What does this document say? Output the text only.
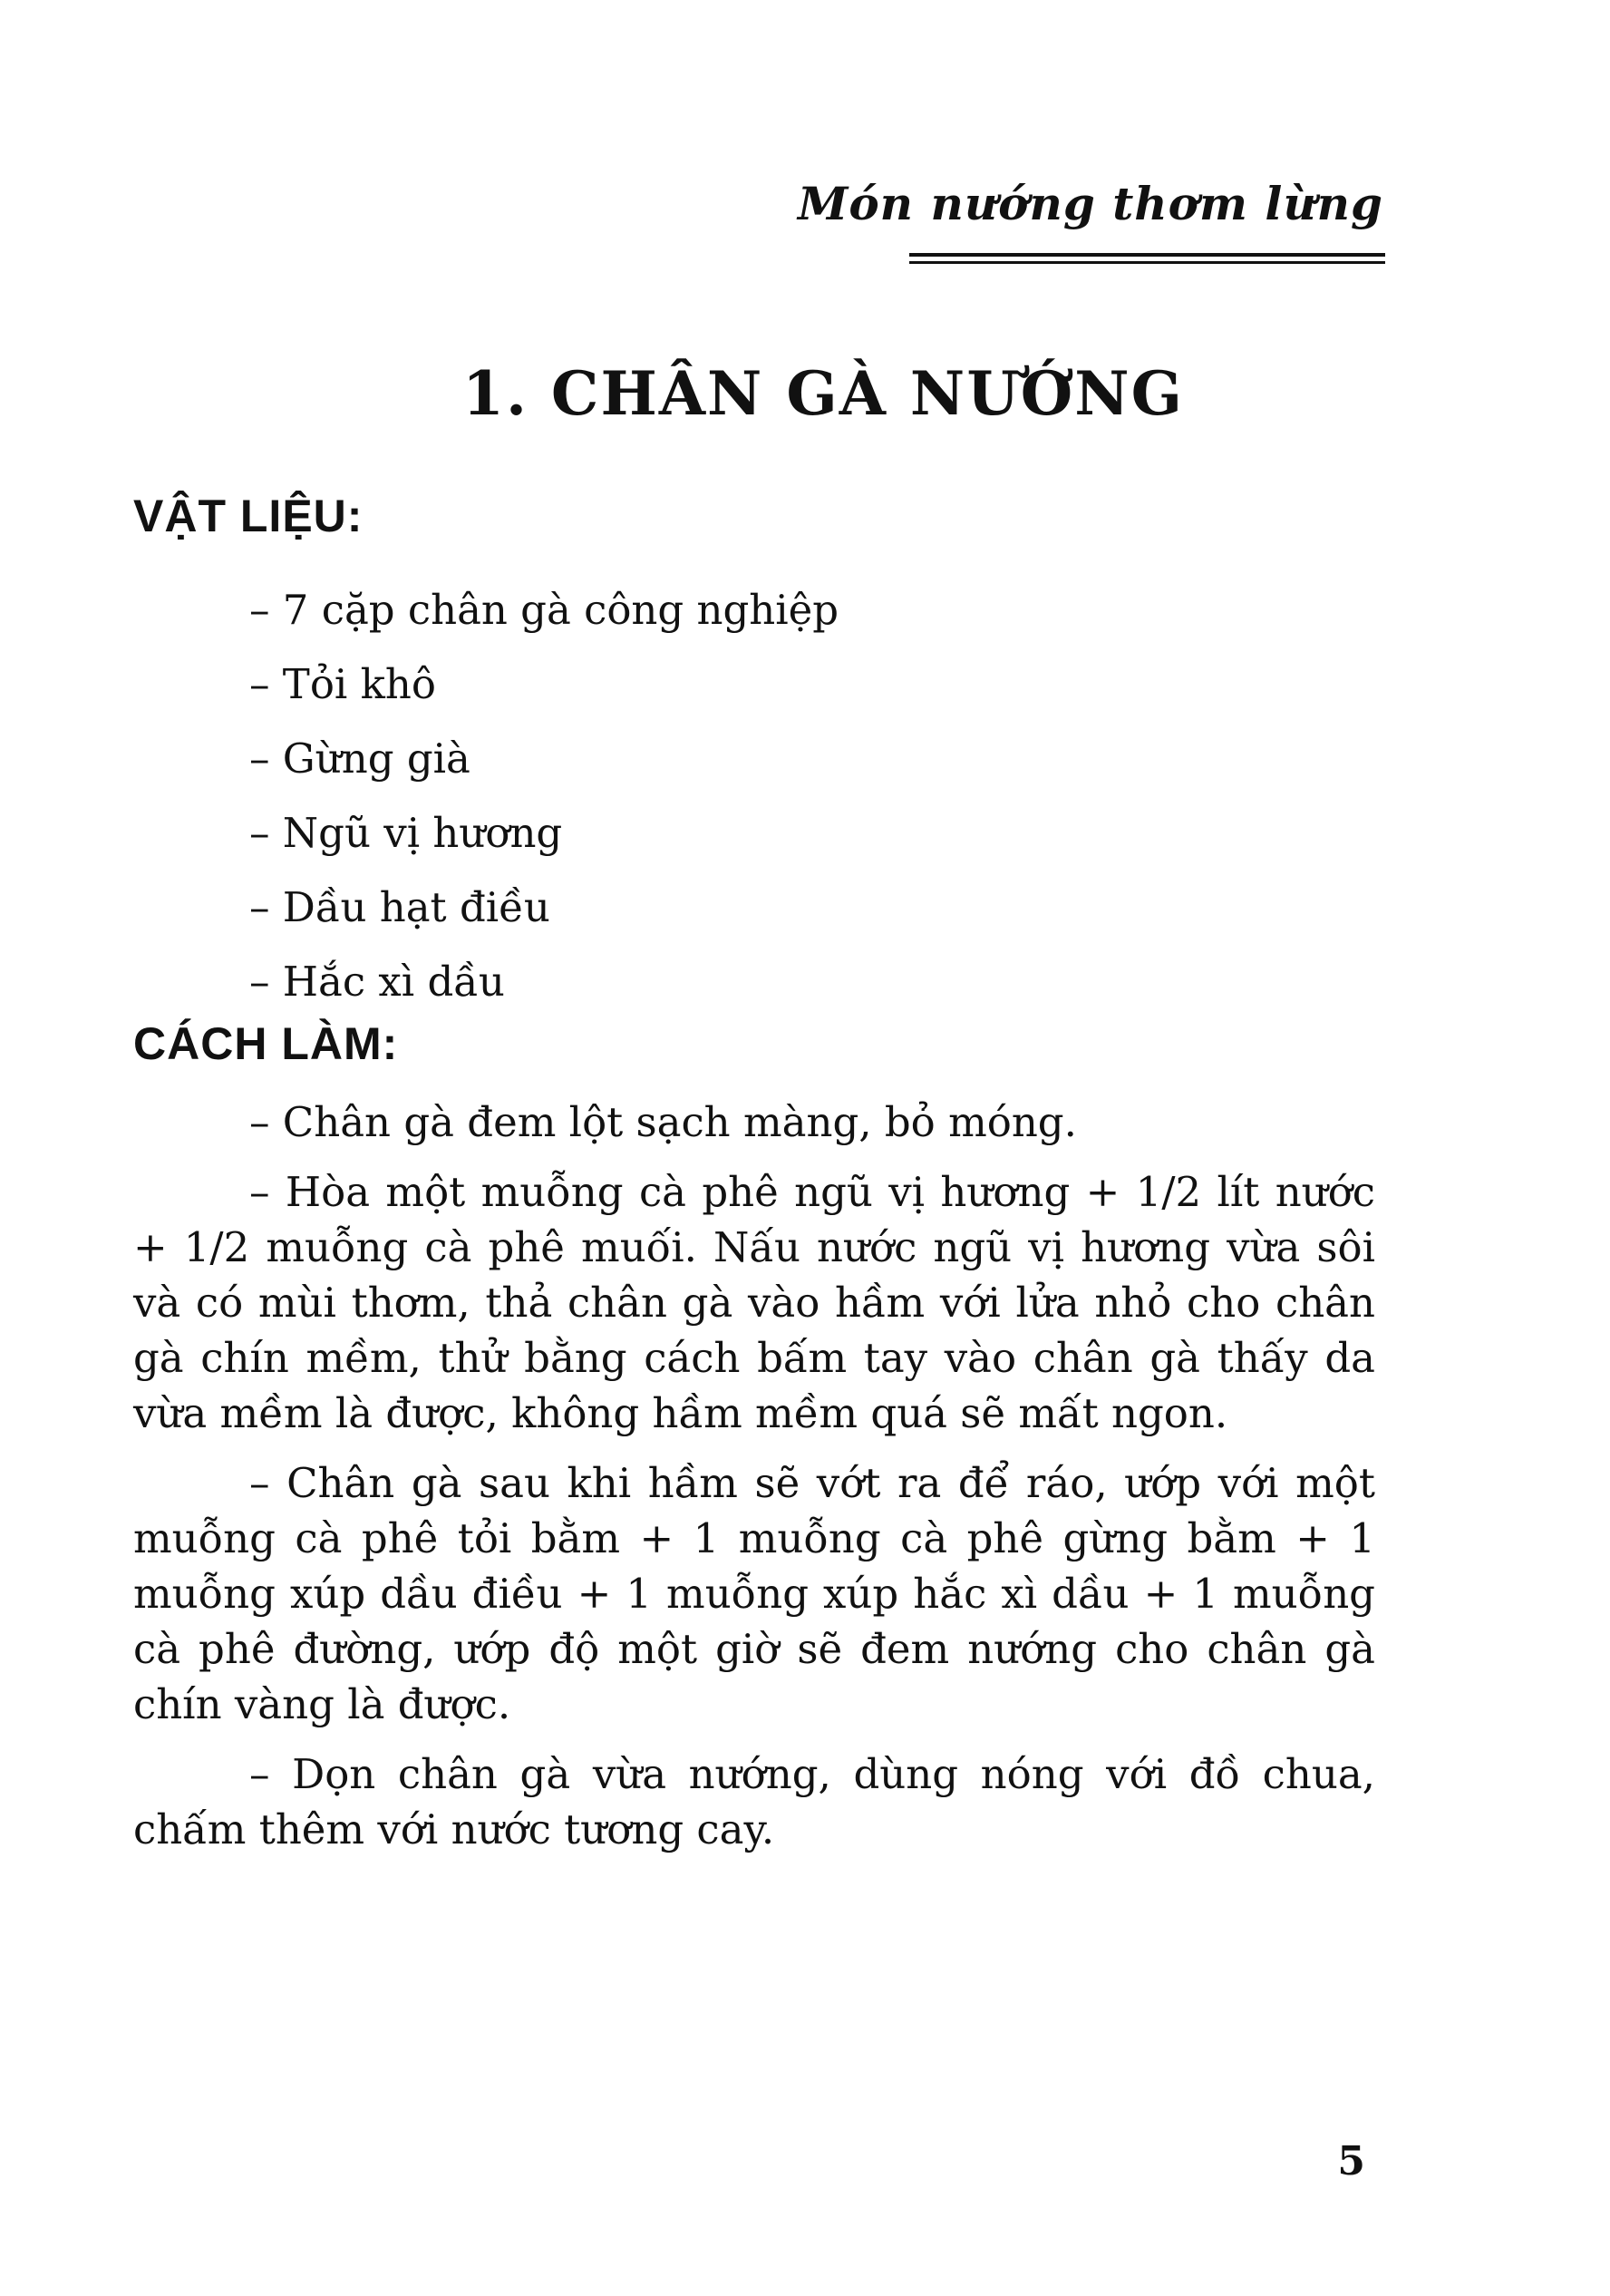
Món nướng thơm lừng
1. CHÂN GÀ NƯỚNG
VẬT LIỆU:
– 7 cặp chân gà công nghiệp
– Tỏi khô
– Gừng già
– Ngũ vị hương
– Dầu hạt điều
– Hắc xì dầu
CÁCH LÀM:

– Chân gà đem lột sạch màng, bỏ móng.

– Hòa một muỗng cà phê ngũ vị hương + 1/2 lít nước + 1/2 muỗng cà phê muối. Nấu nước ngũ vị hương vừa sôi và có mùi thơm, thả chân gà vào hầm với lửa nhỏ cho chân gà chín mềm, thử bằng cách bấm tay vào chân gà thấy da vừa mềm là được, không hầm mềm quá sẽ mất ngon.

– Chân gà sau khi hầm sẽ vớt ra để ráo, ướp với một muỗng cà phê tỏi bằm + 1 muỗng cà phê gừng bằm + 1 muỗng xúp dầu điều + 1 muỗng xúp hắc xì dầu + 1 muỗng cà phê đường, ướp độ một giờ sẽ đem nướng cho chân gà chín vàng là được.

– Dọn chân gà vừa nướng, dùng nóng với đồ chua, chấm thêm với nước tương cay.

5
